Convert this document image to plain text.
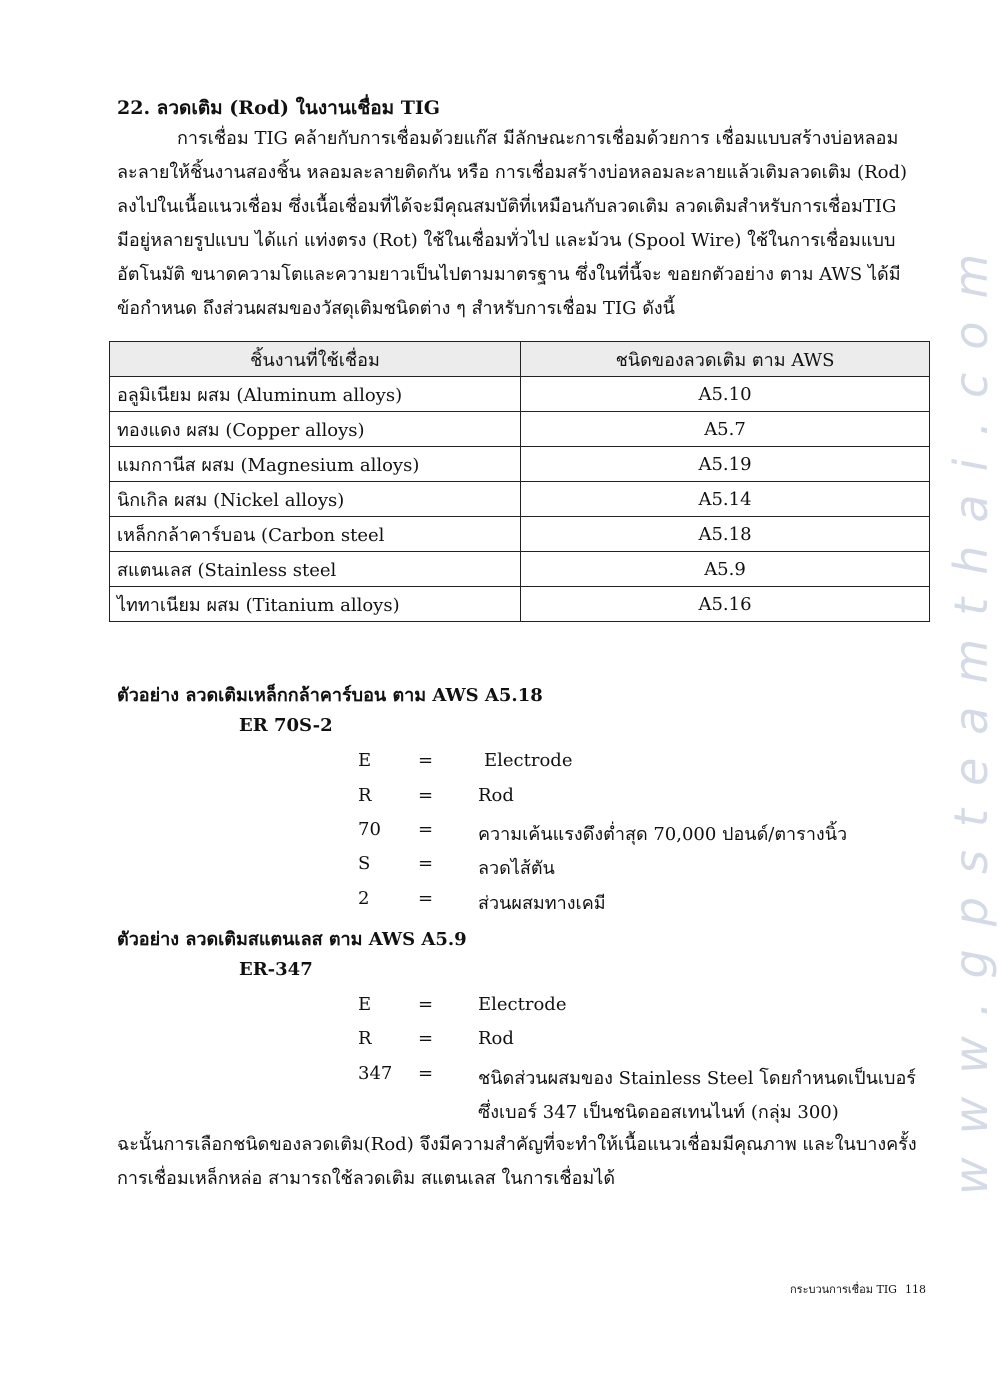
22. ลวดเติม (Rod) ในงานเชื่อม TIG
การเชื่อม TIG คล้ายกับการเชื่อมด้วยแก๊ส มีลักษณะการเชื่อมด้วยการ เชื่อมแบบสร้างบ่อหลอม
ละลายให้ชิ้นงานสองชิ้น หลอมละลายติดกัน หรือ การเชื่อมสร้างบ่อหลอมละลายแล้วเติมลวดเติม (Rod)
ลงไปในเนื้อแนวเชื่อม ซึ่งเนื้อเชื่อมที่ได้จะมีคุณสมบัติที่เหมือนกับลวดเติม ลวดเติมสำหรับการเชื่อมTIG
มีอยู่หลายรูปแบบ ได้แก่ แท่งตรง (Rot) ใช้ในเชื่อมทั่วไป และม้วน (Spool Wire) ใช้ในการเชื่อมแบบ
อัตโนมัติ ขนาดความโตและความยาวเป็นไปตามมาตรฐาน ซึ่งในที่นี้จะ ขอยกตัวอย่าง ตาม AWS ได้มี
ข้อกำหนด ถึงส่วนผสมของวัสดุเติมชนิดต่าง ๆ สำหรับการเชื่อม TIG ดังนี้
ชิ้นงานที่ใช้เชื่อม	ชนิดของลวดเติม ตาม AWS
อลูมิเนียม ผสม (Aluminum alloys)	A5.10
ทองแดง ผสม (Copper alloys)	A5.7
แมกกานีส ผสม (Magnesium alloys)	A5.19
นิกเกิล ผสม (Nickel alloys)	A5.14
เหล็กกล้าคาร์บอน (Carbon steel	A5.18
สแตนเลส (Stainless steel	A5.9
ไททาเนียม ผสม (Titanium alloys)	A5.16
ตัวอย่าง ลวดเติมเหล็กกล้าคาร์บอน ตาม AWS A5.18
ER 70S-2
E	=	Electrode
R	= Rod
70 = ความเค้นแรงดึงต่ำสุด 70,000 ปอนด์/ตารางนิ้ว
S	= ลวดไส้ตัน
2	= ส่วนผสมทางเคมี
ตัวอย่าง ลวดเติมสแตนเลส ตาม AWS A5.9
ER-347
E	= Electrode
R	= Rod
347 = ชนิดส่วนผสมของ Stainless Steel โดยกำหนดเป็นเบอร์
ซึ่งเบอร์ 347 เป็นชนิดออสเทนไนท์ (กลุ่ม 300)
ฉะนั้นการเลือกชนิดของลวดเติม(Rod) จึงมีความสำคัญที่จะทำให้เนื้อแนวเชื่อมมีคุณภาพ และในบางครั้ง
การเชื่อมเหล็กหล่อ สามารถใช้ลวดเติม สแตนเลส ในการเชื่อมได้
กระบวนการเชื่อม TIG 118
www.gpsteamthai.com
